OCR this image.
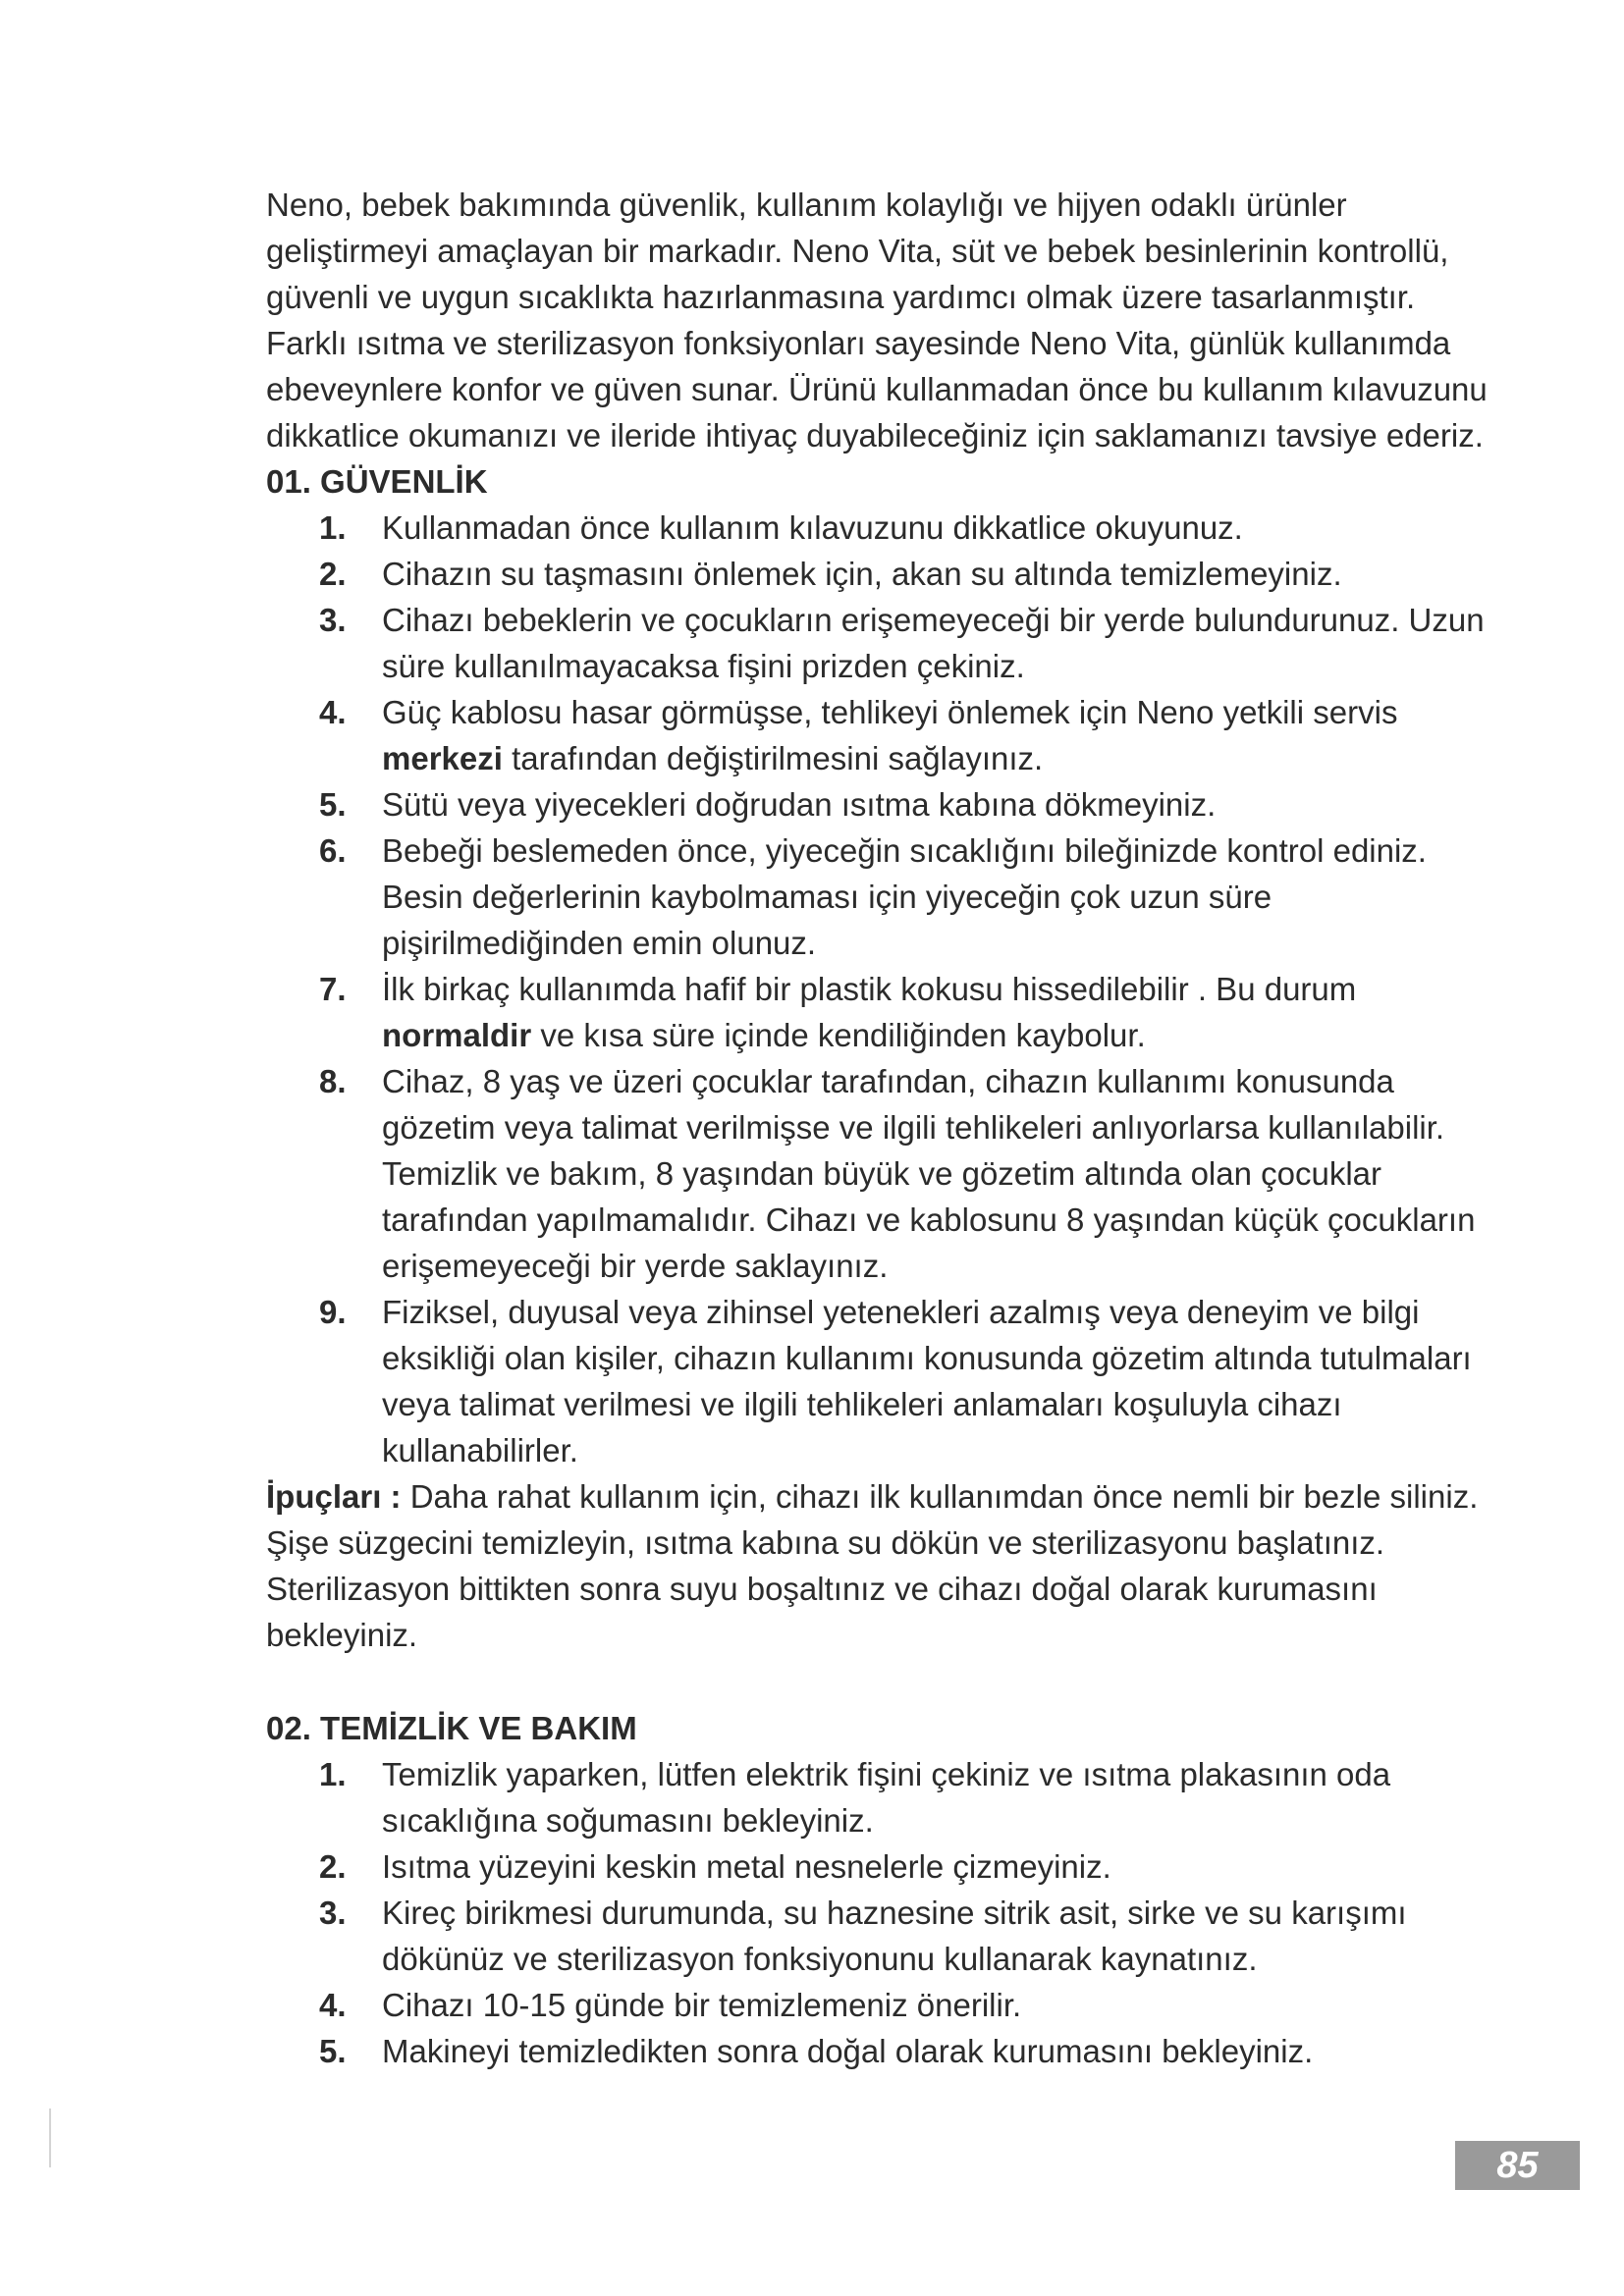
Neno, bebek bakımında güvenlik, kullanım kolaylığı ve hijyen odaklı ürünler geliştirmeyi amaçlayan bir markadır. Neno Vita, süt ve bebek besinlerinin kontrollü, güvenli ve uygun sıcaklıkta hazırlanmasına yardımcı olmak üzere tasarlanmıştır. Farklı ısıtma ve sterilizasyon fonksiyonları sayesinde Neno Vita, günlük kullanımda ebeveynlere konfor ve güven sunar. Ürünü kullanmadan önce bu kullanım kılavuzunu dikkatlice okumanızı ve ileride ihtiyaç duyabileceğiniz için saklamanızı tavsiye ederiz.

01. GÜVENLİK

1. Kullanmadan önce kullanım kılavuzunu dikkatlice okuyunuz.
2. Cihazın su taşmasını önlemek için, akan su altında temizlemeyiniz.
3. Cihazı bebeklerin ve çocukların erişemeyeceği bir yerde bulundurunuz. Uzun süre kullanılmayacaksa fişini prizden çekiniz.
4. Güç kablosu hasar görmüşse, tehlikeyi önlemek için Neno yetkili servis merkezi tarafından değiştirilmesini sağlayınız.
5. Sütü veya yiyecekleri doğrudan ısıtma kabına dökmeyiniz.
6. Bebeği beslemeden önce, yiyeceğin sıcaklığını bileğinizde kontrol ediniz. Besin değerlerinin kaybolmaması için yiyeceğin çok uzun süre pişirilmediğinden emin olunuz.
7. İlk birkaç kullanımda hafif bir plastik kokusu hissedilebilir . Bu durum normaldir ve kısa süre içinde kendiliğinden kaybolur.
8. Cihaz, 8 yaş ve üzeri çocuklar tarafından, cihazın kullanımı konusunda gözetim veya talimat verilmişse ve ilgili tehlikeleri anlıyorlarsa kullanılabilir. Temizlik ve bakım, 8 yaşından büyük ve gözetim altında olan çocuklar tarafından yapılmamalıdır. Cihazı ve kablosunu 8 yaşından küçük çocukların erişemeyeceği bir yerde saklayınız.
9. Fiziksel, duyusal veya zihinsel yetenekleri azalmış veya deneyim ve bilgi eksikliği olan kişiler, cihazın kullanımı konusunda gözetim altında tutulmaları veya talimat verilmesi ve ilgili tehlikeleri anlamaları koşuluyla cihazı kullanabilirler.

İpuçları : Daha rahat kullanım için, cihazı ilk kullanımdan önce nemli bir bezle siliniz. Şişe süzgecini temizleyin, ısıtma kabına su dökün ve sterilizasyonu başlatınız. Sterilizasyon bittikten sonra suyu boşaltınız ve cihazı doğal olarak kurumasını bekleyiniz.

02. TEMİZLİK VE BAKIM

1. Temizlik yaparken, lütfen elektrik fişini çekiniz ve ısıtma plakasının oda sıcaklığına soğumasını bekleyiniz.
2. Isıtma yüzeyini keskin metal nesnelerle çizmeyiniz.
3. Kireç birikmesi durumunda, su haznesine sitrik asit, sirke ve su karışımı dökünüz ve sterilizasyon fonksiyonunu kullanarak kaynatınız.
4. Cihazı 10-15 günde bir temizlemeniz önerilir.
5. Makineyi temizledikten sonra doğal olarak kurumasını bekleyiniz.
85
